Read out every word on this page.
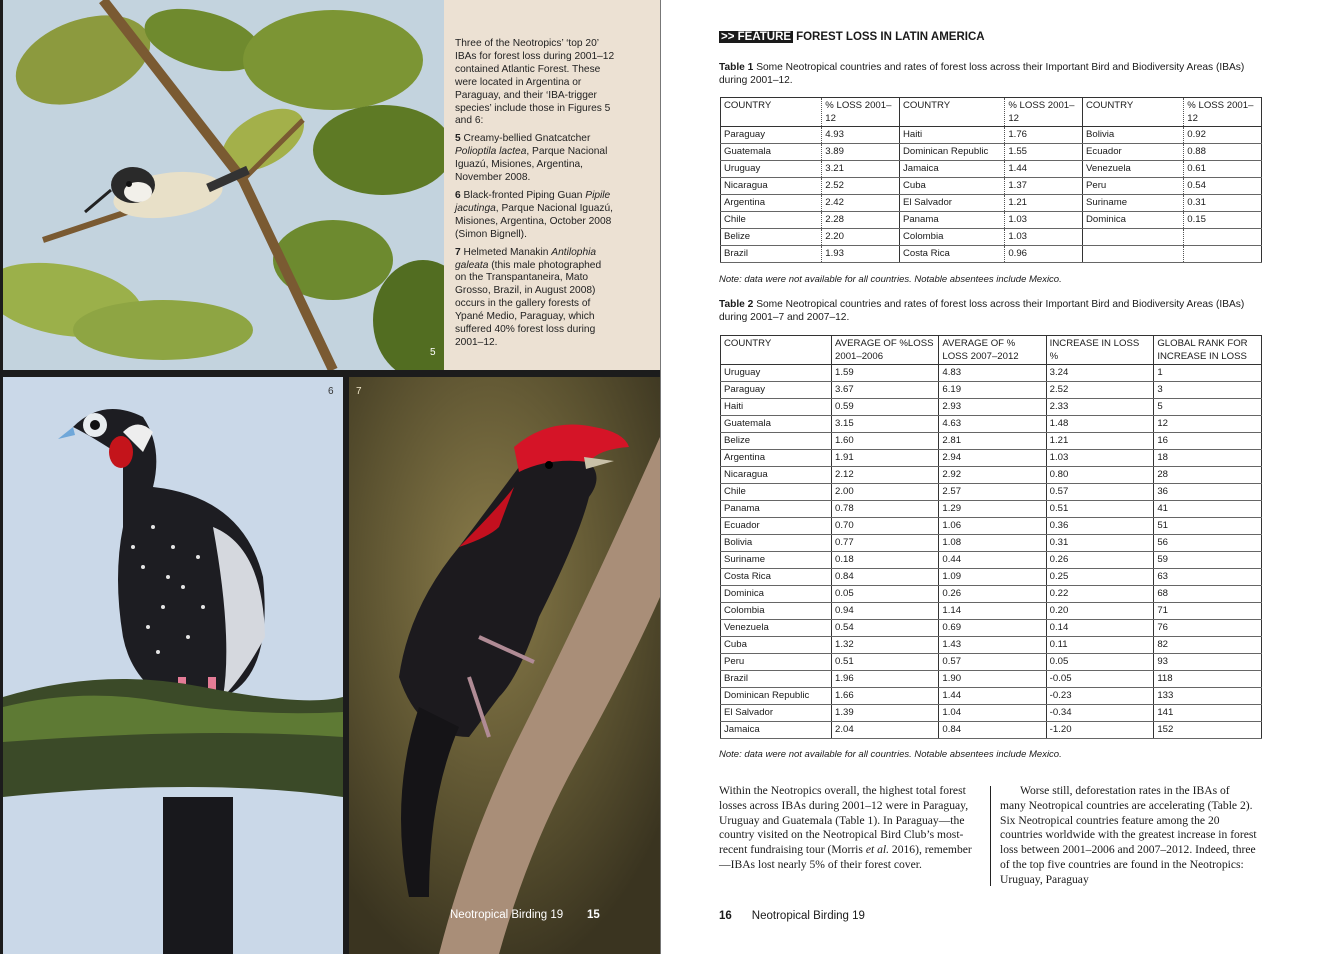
5

Three of the Neotropics’ ‘top 20’ IBAs for forest loss during 2001–12 contained Atlantic Forest. These were located in Argentina or Paraguay, and their ‘IBA-trigger species’ include those in Figures 5 and 6:

5 Creamy-bellied Gnatcatcher Polioptila lactea, Parque Nacional Iguazú, Misiones, Argentina, November 2008.

6 Black-fronted Piping Guan Pipile jacutinga, Parque Nacional Iguazú, Misiones, Argentina, October 2008 (Simon Bignell).

7 Helmeted Manakin Antilophia galeata (this male photographed on the Transpantaneira, Mato Grosso, Brazil, in August 2008) occurs in the gallery forests of Ypané Medio, Paraguay, which suffered 40% forest loss during 2001–12.

6 7
Neotropical Birding 19 15
>> FEATURE FOREST LOSS IN LATIN AMERICA
Table 1 Some Neotropical countries and rates of forest loss across their Important Bird and Biodiversity Areas (IBAs) during 2001–12.
COUNTRY	% LOSS 2001–12	COUNTRY	% LOSS 2001–12	COUNTRY	% LOSS 2001–12
Paraguay	4.93	Haiti	1.76	Bolivia	0.92
Guatemala	3.89	Dominican Republic	1.55	Ecuador	0.88
Uruguay	3.21	Jamaica	1.44	Venezuela	0.61
Nicaragua	2.52	Cuba	1.37	Peru	0.54
Argentina	2.42	El Salvador	1.21	Suriname	0.31
Chile	2.28	Panama	1.03	Dominica	0.15
Belize	2.20	Colombia	1.03		
Brazil	1.93	Costa Rica	0.96		
Note: data were not available for all countries. Notable absentees include Mexico.
Table 2 Some Neotropical countries and rates of forest loss across their Important Bird and Biodiversity Areas (IBAs) during 2001–7 and 2007–12.
COUNTRY	AVERAGE OF %LOSS 2001–2006	AVERAGE OF % LOSS 2007–2012	INCREASE IN LOSS %	GLOBAL RANK FOR INCREASE IN LOSS
Uruguay	1.59	4.83	3.24	1
Paraguay	3.67	6.19	2.52	3
Haiti	0.59	2.93	2.33	5
Guatemala	3.15	4.63	1.48	12
Belize	1.60	2.81	1.21	16
Argentina	1.91	2.94	1.03	18
Nicaragua	2.12	2.92	0.80	28
Chile	2.00	2.57	0.57	36
Panama	0.78	1.29	0.51	41
Ecuador	0.70	1.06	0.36	51
Bolivia	0.77	1.08	0.31	56
Suriname	0.18	0.44	0.26	59
Costa Rica	0.84	1.09	0.25	63
Dominica	0.05	0.26	0.22	68
Colombia	0.94	1.14	0.20	71
Venezuela	0.54	0.69	0.14	76
Cuba	1.32	1.43	0.11	82
Peru	0.51	0.57	0.05	93
Brazil	1.96	1.90	-0.05	118
Dominican Republic	1.66	1.44	-0.23	133
El Salvador	1.39	1.04	-0.34	141
Jamaica	2.04	0.84	-1.20	152
Note: data were not available for all countries. Notable absentees include Mexico.
Within the Neotropics overall, the highest total forest losses across IBAs during 2001–12 were in Paraguay, Uruguay and Guatemala (Table 1). In Paraguay—the country visited on the Neotropical Bird Club’s most-recent fundraising tour (Morris et al. 2016), remember—IBAs lost nearly 5% of their forest cover.
Worse still, deforestation rates in the IBAs of many Neotropical countries are accelerating (Table 2). Six Neotropical countries feature among the 20 countries worldwide with the greatest increase in forest loss between 2001–2006 and 2007–2012. Indeed, three of the top five countries are found in the Neotropics: Uruguay, Paraguay
16 Neotropical Birding 19
